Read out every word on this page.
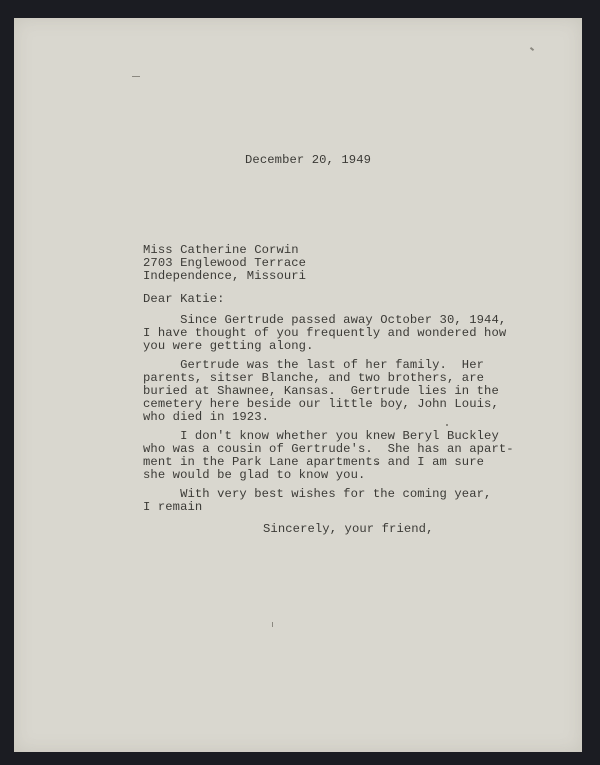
December 20, 1949

Miss Catherine Corwin

2703 Englewood Terrace

Independence, Missouri

Dear Katie:

Since Gertrude passed away October 30, 1944,

I have thought of you frequently and wondered how

you were getting along.

Gertrude was the last of her family.  Her

parents, sitser Blanche, and two brothers, are

buried at Shawnee, Kansas.  Gertrude lies in the

cemetery here beside our little boy, John Louis,

who died in 1923.

I don't know whether you knew Beryl Buckley

who was a cousin of Gertrude's.  She has an apart-

ment in the Park Lane apartments and I am sure

she would be glad to know you.

With very best wishes for the coming year,

I remain

Sincerely, your friend,
